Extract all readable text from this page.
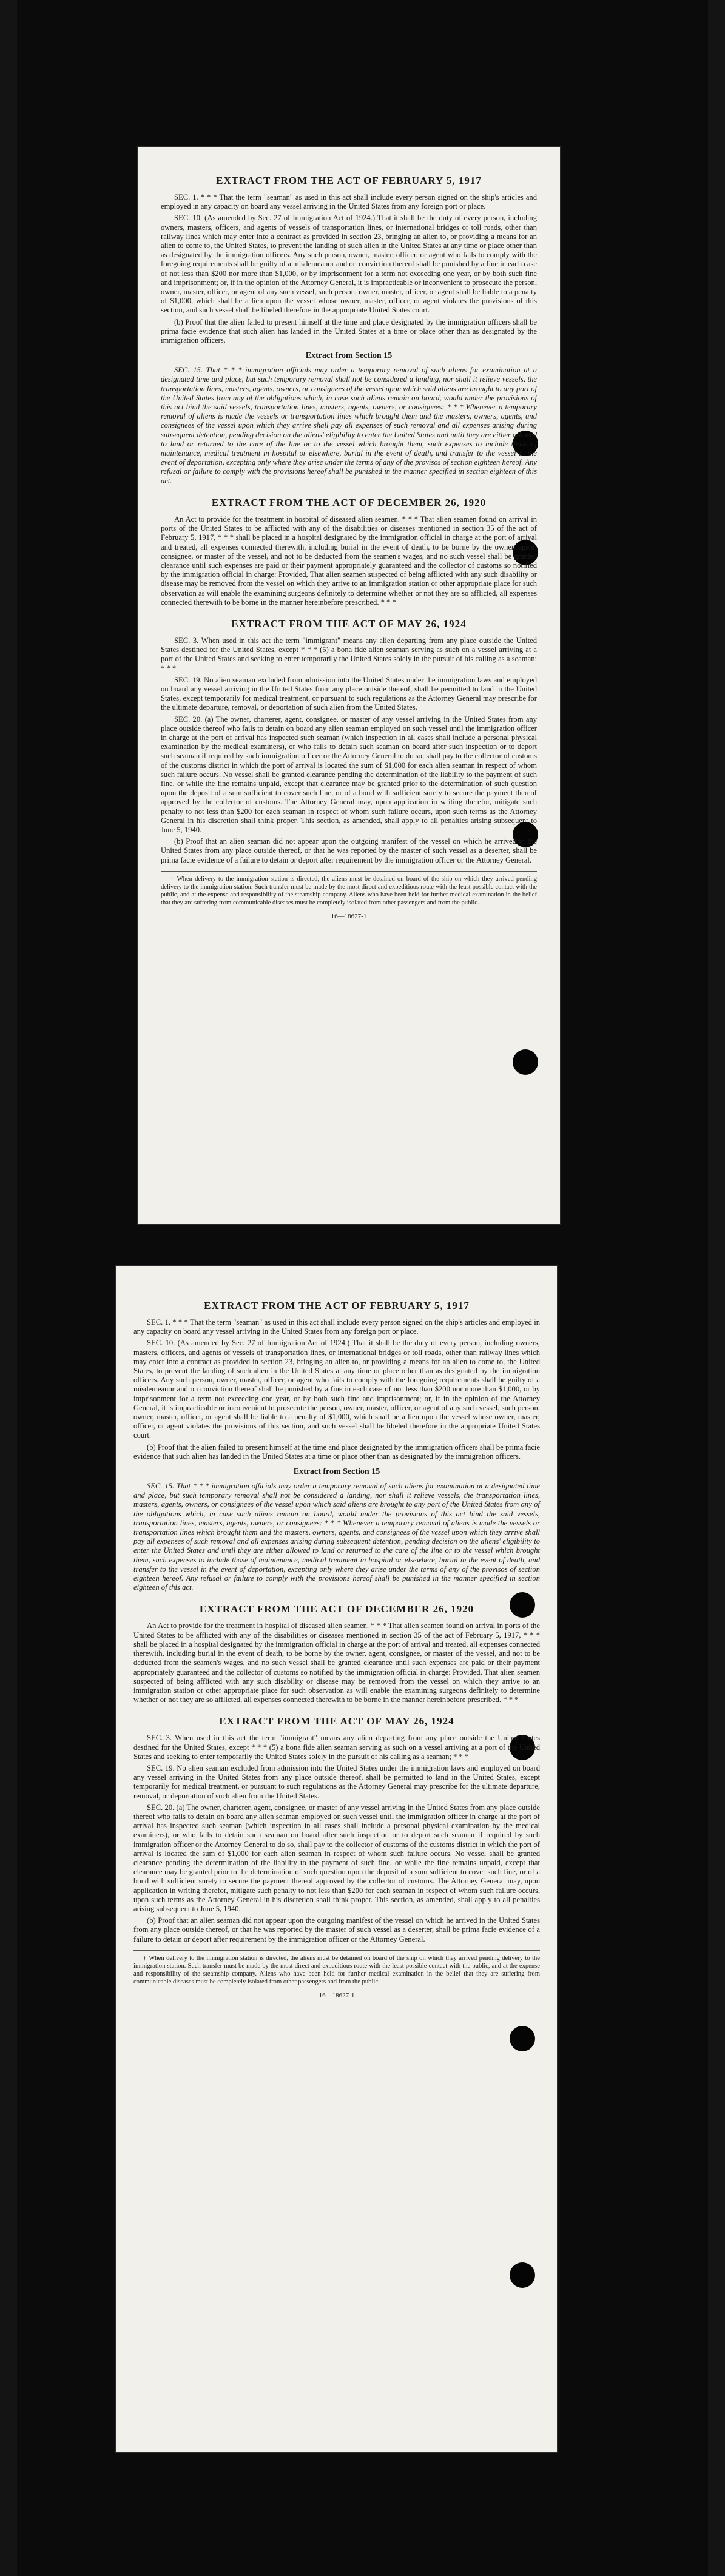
EXTRACT FROM THE ACT OF FEBRUARY 5, 1917

SEC. 1. * * * That the term "seaman" as used in this act shall include every person signed on the ship's articles and employed in any capacity on board any vessel arriving in the United States from any foreign port or place.

SEC. 10. (As amended by Sec. 27 of Immigration Act of 1924.) That it shall be the duty of every person, including owners, masters, officers, and agents of vessels of transportation lines, or international bridges or toll roads, other than railway lines which may enter into a contract as provided in section 23, bringing an alien to, or providing a means for an alien to come to, the United States, to prevent the landing of such alien in the United States at any time or place other than as designated by the immigration officers. Any such person, owner, master, officer, or agent who fails to comply with the foregoing requirements shall be guilty of a misdemeanor and on conviction thereof shall be punished by a fine in each case of not less than $200 nor more than $1,000, or by imprisonment for a term not exceeding one year, or by both such fine and imprisonment; or, if in the opinion of the Attorney General, it is impracticable or inconvenient to prosecute the person, owner, master, officer, or agent of any such vessel, such person, owner, master, officer, or agent shall be liable to a penalty of $1,000, which shall be a lien upon the vessel whose owner, master, officer, or agent violates the provisions of this section, and such vessel shall be libeled therefore in the appropriate United States court.

(b) Proof that the alien failed to present himself at the time and place designated by the immigration officers shall be prima facie evidence that such alien has landed in the United States at a time or place other than as designated by the immigration officers.

Extract from Section 15

SEC. 15. That * * * immigration officials may order a temporary removal of such aliens for examination at a designated time and place, but such temporary removal shall not be considered a landing, nor shall it relieve vessels, the transportation lines, masters, agents, owners, or consignees of the vessel upon which said aliens are brought to any port of the United States from any of the obligations which, in case such aliens remain on board, would under the provisions of this act bind the said vessels, transportation lines, masters, agents, owners, or consignees: * * * Whenever a temporary removal of aliens is made the vessels or transportation lines which brought them and the masters, owners, agents, and consignees of the vessel upon which they arrive shall pay all expenses of such removal and all expenses arising during subsequent detention, pending decision on the aliens' eligibility to enter the United States and until they are either allowed to land or returned to the care of the line or to the vessel which brought them, such expenses to include those of maintenance, medical treatment in hospital or elsewhere, burial in the event of death, and transfer to the vessel in the event of deportation, excepting only where they arise under the terms of any of the provisos of section eighteen hereof. Any refusal or failure to comply with the provisions hereof shall be punished in the manner specified in section eighteen of this act.

EXTRACT FROM THE ACT OF DECEMBER 26, 1920

An Act to provide for the treatment in hospital of diseased alien seamen. * * * That alien seamen found on arrival in ports of the United States to be afflicted with any of the disabilities or diseases mentioned in section 35 of the act of February 5, 1917, * * * shall be placed in a hospital designated by the immigration official in charge at the port of arrival and treated, all expenses connected therewith, including burial in the event of death, to be borne by the owner, agent, consignee, or master of the vessel, and not to be deducted from the seamen's wages, and no such vessel shall be granted clearance until such expenses are paid or their payment appropriately guaranteed and the collector of customs so notified by the immigration official in charge: Provided, That alien seamen suspected of being afflicted with any such disability or disease may be removed from the vessel on which they arrive to an immigration station or other appropriate place for such observation as will enable the examining surgeons definitely to determine whether or not they are so afflicted, all expenses connected therewith to be borne in the manner hereinbefore prescribed. * * *

EXTRACT FROM THE ACT OF MAY 26, 1924

SEC. 3. When used in this act the term "immigrant" means any alien departing from any place outside the United States destined for the United States, except * * * (5) a bona fide alien seaman serving as such on a vessel arriving at a port of the United States and seeking to enter temporarily the United States solely in the pursuit of his calling as a seaman; * * *

SEC. 19. No alien seaman excluded from admission into the United States under the immigration laws and employed on board any vessel arriving in the United States from any place outside thereof, shall be permitted to land in the United States, except temporarily for medical treatment, or pursuant to such regulations as the Attorney General may prescribe for the ultimate departure, removal, or deportation of such alien from the United States.

SEC. 20. (a) The owner, charterer, agent, consignee, or master of any vessel arriving in the United States from any place outside thereof who fails to detain on board any alien seaman employed on such vessel until the immigration officer in charge at the port of arrival has inspected such seaman (which inspection in all cases shall include a personal physical examination by the medical examiners), or who fails to detain such seaman on board after such inspection or to deport such seaman if required by such immigration officer or the Attorney General to do so, shall pay to the collector of customs of the customs district in which the port of arrival is located the sum of $1,000 for each alien seaman in respect of whom such failure occurs. No vessel shall be granted clearance pending the determination of the liability to the payment of such fine, or while the fine remains unpaid, except that clearance may be granted prior to the determination of such question upon the deposit of a sum sufficient to cover such fine, or of a bond with sufficient surety to secure the payment thereof approved by the collector of customs. The Attorney General may, upon application in writing therefor, mitigate such penalty to not less than $200 for each seaman in respect of whom such failure occurs, upon such terms as the Attorney General in his discretion shall think proper. This section, as amended, shall apply to all penalties arising subsequent to June 5, 1940.

(b) Proof that an alien seaman did not appear upon the outgoing manifest of the vessel on which he arrived in the United States from any place outside thereof, or that he was reported by the master of such vessel as a deserter, shall be prima facie evidence of a failure to detain or deport after requirement by the immigration officer or the Attorney General.

† When delivery to the immigration station is directed, the aliens must be detained on board of the ship on which they arrived pending delivery to the immigration station. Such transfer must be made by the most direct and expeditious route with the least possible contact with the public, and at the expense and responsibility of the steamship company. Aliens who have been held for further medical examination in the belief that they are suffering from communicable diseases must be completely isolated from other passengers and from the public.
16—18627-1
EXTRACT FROM THE ACT OF FEBRUARY 5, 1917

SEC. 1. * * * That the term "seaman" as used in this act shall include every person signed on the ship's articles and employed in any capacity on board any vessel arriving in the United States from any foreign port or place.

SEC. 10. (As amended by Sec. 27 of Immigration Act of 1924.) That it shall be the duty of every person, including owners, masters, officers, and agents of vessels of transportation lines, or international bridges or toll roads, other than railway lines which may enter into a contract as provided in section 23, bringing an alien to, or providing a means for an alien to come to, the United States, to prevent the landing of such alien in the United States at any time or place other than as designated by the immigration officers. Any such person, owner, master, officer, or agent who fails to comply with the foregoing requirements shall be guilty of a misdemeanor and on conviction thereof shall be punished by a fine in each case of not less than $200 nor more than $1,000, or by imprisonment for a term not exceeding one year, or by both such fine and imprisonment; or, if in the opinion of the Attorney General, it is impracticable or inconvenient to prosecute the person, owner, master, officer, or agent of any such vessel, such person, owner, master, officer, or agent shall be liable to a penalty of $1,000, which shall be a lien upon the vessel whose owner, master, officer, or agent violates the provisions of this section, and such vessel shall be libeled therefore in the appropriate United States court.

(b) Proof that the alien failed to present himself at the time and place designated by the immigration officers shall be prima facie evidence that such alien has landed in the United States at a time or place other than as designated by the immigration officers.

Extract from Section 15

SEC. 15. That * * * immigration officials may order a temporary removal of such aliens for examination at a designated time and place, but such temporary removal shall not be considered a landing, nor shall it relieve vessels, the transportation lines, masters, agents, owners, or consignees of the vessel upon which said aliens are brought to any port of the United States from any of the obligations which, in case such aliens remain on board, would under the provisions of this act bind the said vessels, transportation lines, masters, agents, owners, or consignees: * * * Whenever a temporary removal of aliens is made the vessels or transportation lines which brought them and the masters, owners, agents, and consignees of the vessel upon which they arrive shall pay all expenses of such removal and all expenses arising during subsequent detention, pending decision on the aliens' eligibility to enter the United States and until they are either allowed to land or returned to the care of the line or to the vessel which brought them, such expenses to include those of maintenance, medical treatment in hospital or elsewhere, burial in the event of death, and transfer to the vessel in the event of deportation, excepting only where they arise under the terms of any of the provisos of section eighteen hereof. Any refusal or failure to comply with the provisions hereof shall be punished in the manner specified in section eighteen of this act.

EXTRACT FROM THE ACT OF DECEMBER 26, 1920

An Act to provide for the treatment in hospital of diseased alien seamen. * * * That alien seamen found on arrival in ports of the United States to be afflicted with any of the disabilities or diseases mentioned in section 35 of the act of February 5, 1917, * * * shall be placed in a hospital designated by the immigration official in charge at the port of arrival and treated, all expenses connected therewith, including burial in the event of death, to be borne by the owner, agent, consignee, or master of the vessel, and not to be deducted from the seamen's wages, and no such vessel shall be granted clearance until such expenses are paid or their payment appropriately guaranteed and the collector of customs so notified by the immigration official in charge: Provided, That alien seamen suspected of being afflicted with any such disability or disease may be removed from the vessel on which they arrive to an immigration station or other appropriate place for such observation as will enable the examining surgeons definitely to determine whether or not they are so afflicted, all expenses connected therewith to be borne in the manner hereinbefore prescribed. * * *

EXTRACT FROM THE ACT OF MAY 26, 1924

SEC. 3. When used in this act the term "immigrant" means any alien departing from any place outside the United States destined for the United States, except * * * (5) a bona fide alien seaman serving as such on a vessel arriving at a port of the United States and seeking to enter temporarily the United States solely in the pursuit of his calling as a seaman; * * *

SEC. 19. No alien seaman excluded from admission into the United States under the immigration laws and employed on board any vessel arriving in the United States from any place outside thereof, shall be permitted to land in the United States, except temporarily for medical treatment, or pursuant to such regulations as the Attorney General may prescribe for the ultimate departure, removal, or deportation of such alien from the United States.

SEC. 20. (a) The owner, charterer, agent, consignee, or master of any vessel arriving in the United States from any place outside thereof who fails to detain on board any alien seaman employed on such vessel until the immigration officer in charge at the port of arrival has inspected such seaman (which inspection in all cases shall include a personal physical examination by the medical examiners), or who fails to detain such seaman on board after such inspection or to deport such seaman if required by such immigration officer or the Attorney General to do so, shall pay to the collector of customs of the customs district in which the port of arrival is located the sum of $1,000 for each alien seaman in respect of whom such failure occurs. No vessel shall be granted clearance pending the determination of the liability to the payment of such fine, or while the fine remains unpaid, except that clearance may be granted prior to the determination of such question upon the deposit of a sum sufficient to cover such fine, or of a bond with sufficient surety to secure the payment thereof approved by the collector of customs. The Attorney General may, upon application in writing therefor, mitigate such penalty to not less than $200 for each seaman in respect of whom such failure occurs, upon such terms as the Attorney General in his discretion shall think proper. This section, as amended, shall apply to all penalties arising subsequent to June 5, 1940.

(b) Proof that an alien seaman did not appear upon the outgoing manifest of the vessel on which he arrived in the United States from any place outside thereof, or that he was reported by the master of such vessel as a deserter, shall be prima facie evidence of a failure to detain or deport after requirement by the immigration officer or the Attorney General.

† When delivery to the immigration station is directed, the aliens must be detained on board of the ship on which they arrived pending delivery to the immigration station. Such transfer must be made by the most direct and expeditious route with the least possible contact with the public, and at the expense and responsibility of the steamship company. Aliens who have been held for further medical examination in the belief that they are suffering from communicable diseases must be completely isolated from other passengers and from the public.
16—18627-1
